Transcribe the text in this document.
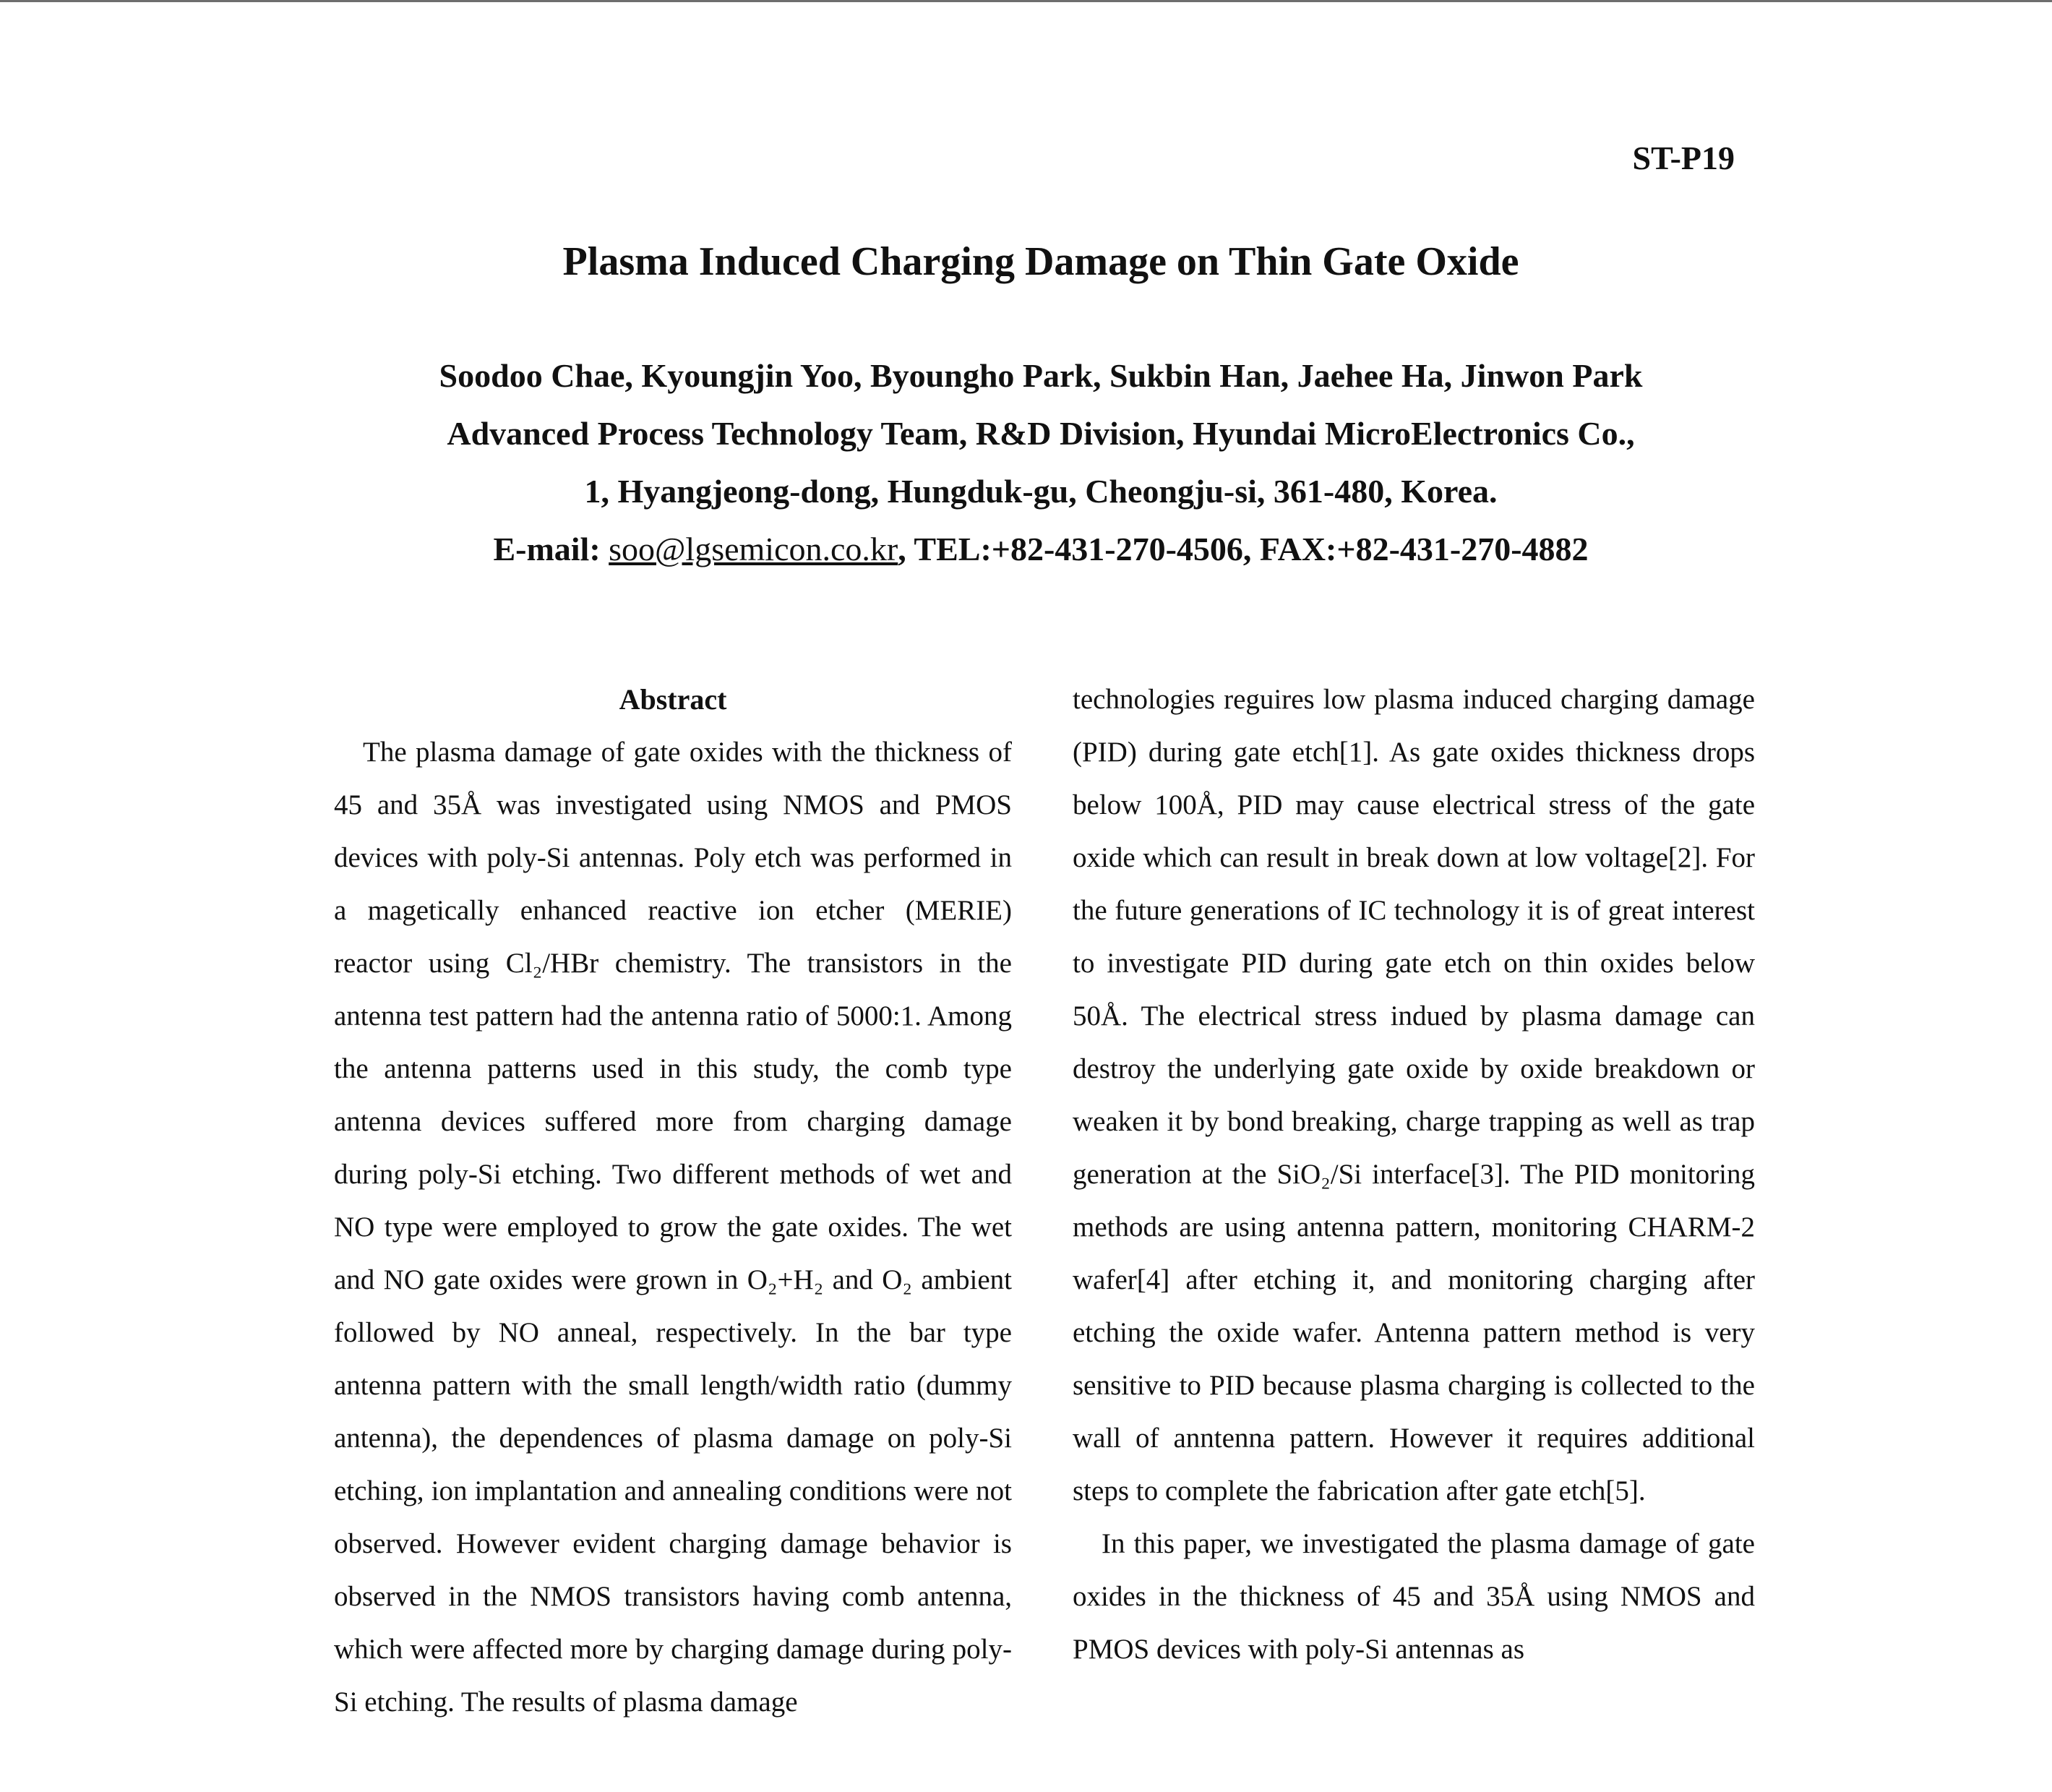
ST-P19
Plasma Induced Charging Damage on Thin Gate Oxide
Soodoo Chae, Kyoungjin Yoo, Byoungho Park, Sukbin Han, Jaehee Ha, Jinwon Park
Advanced Process Technology Team, R&D Division, Hyundai MicroElectronics Co.,
1, Hyangjeong-dong, Hungduk-gu, Cheongju-si, 361-480, Korea.
E-mail: soo@lgsemicon.co.kr, TEL:+82-431-270-4506, FAX:+82-431-270-4882
Abstract

The plasma damage of gate oxides with the thickness of 45 and 35Å was investigated using NMOS and PMOS devices with poly-Si antennas. Poly etch was performed in a magetically enhanced reactive ion etcher (MERIE) reactor using Cl₂/HBr chemistry. The transistors in the antenna test pattern had the antenna ratio of 5000:1. Among the antenna patterns used in this study, the comb type antenna devices suffered more from charging damage during poly-Si etching. Two different methods of wet and NO type were employed to grow the gate oxides. The wet and NO gate oxides were grown in O₂+H₂ and O₂ ambient followed by NO anneal, respectively. In the bar type antenna pattern with the small length/width ratio (dummy antenna), the dependences of plasma damage on poly-Si etching, ion implantation and annealing conditions were not observed. However evident charging damage behavior is observed in the NMOS transistors having comb antenna, which were affected more by charging damage during poly-Si etching. The results of plasma damage

technologies reguires low plasma induced charging damage (PID) during gate etch[1]. As gate oxides thickness drops below 100Å, PID may cause electrical stress of the gate oxide which can result in break down at low voltage[2]. For the future generations of IC technology it is of great interest to investigate PID during gate etch on thin oxides below 50Å. The electrical stress indued by plasma damage can destroy the underlying gate oxide by oxide breakdown or weaken it by bond breaking, charge trapping as well as trap generation at the SiO₂/Si interface[3]. The PID monitoring methods are using antenna pattern, monitoring CHARM-2 wafer[4] after etching it, and monitoring charging after etching the oxide wafer. Antenna pattern method is very sensitive to PID because plasma charging is collected to the wall of anntenna pattern. However it requires additional steps to complete the fabrication after gate etch[5].

In this paper, we investigated the plasma damage of gate oxides in the thickness of 45 and 35Å using NMOS and PMOS devices with poly-Si antennas as
